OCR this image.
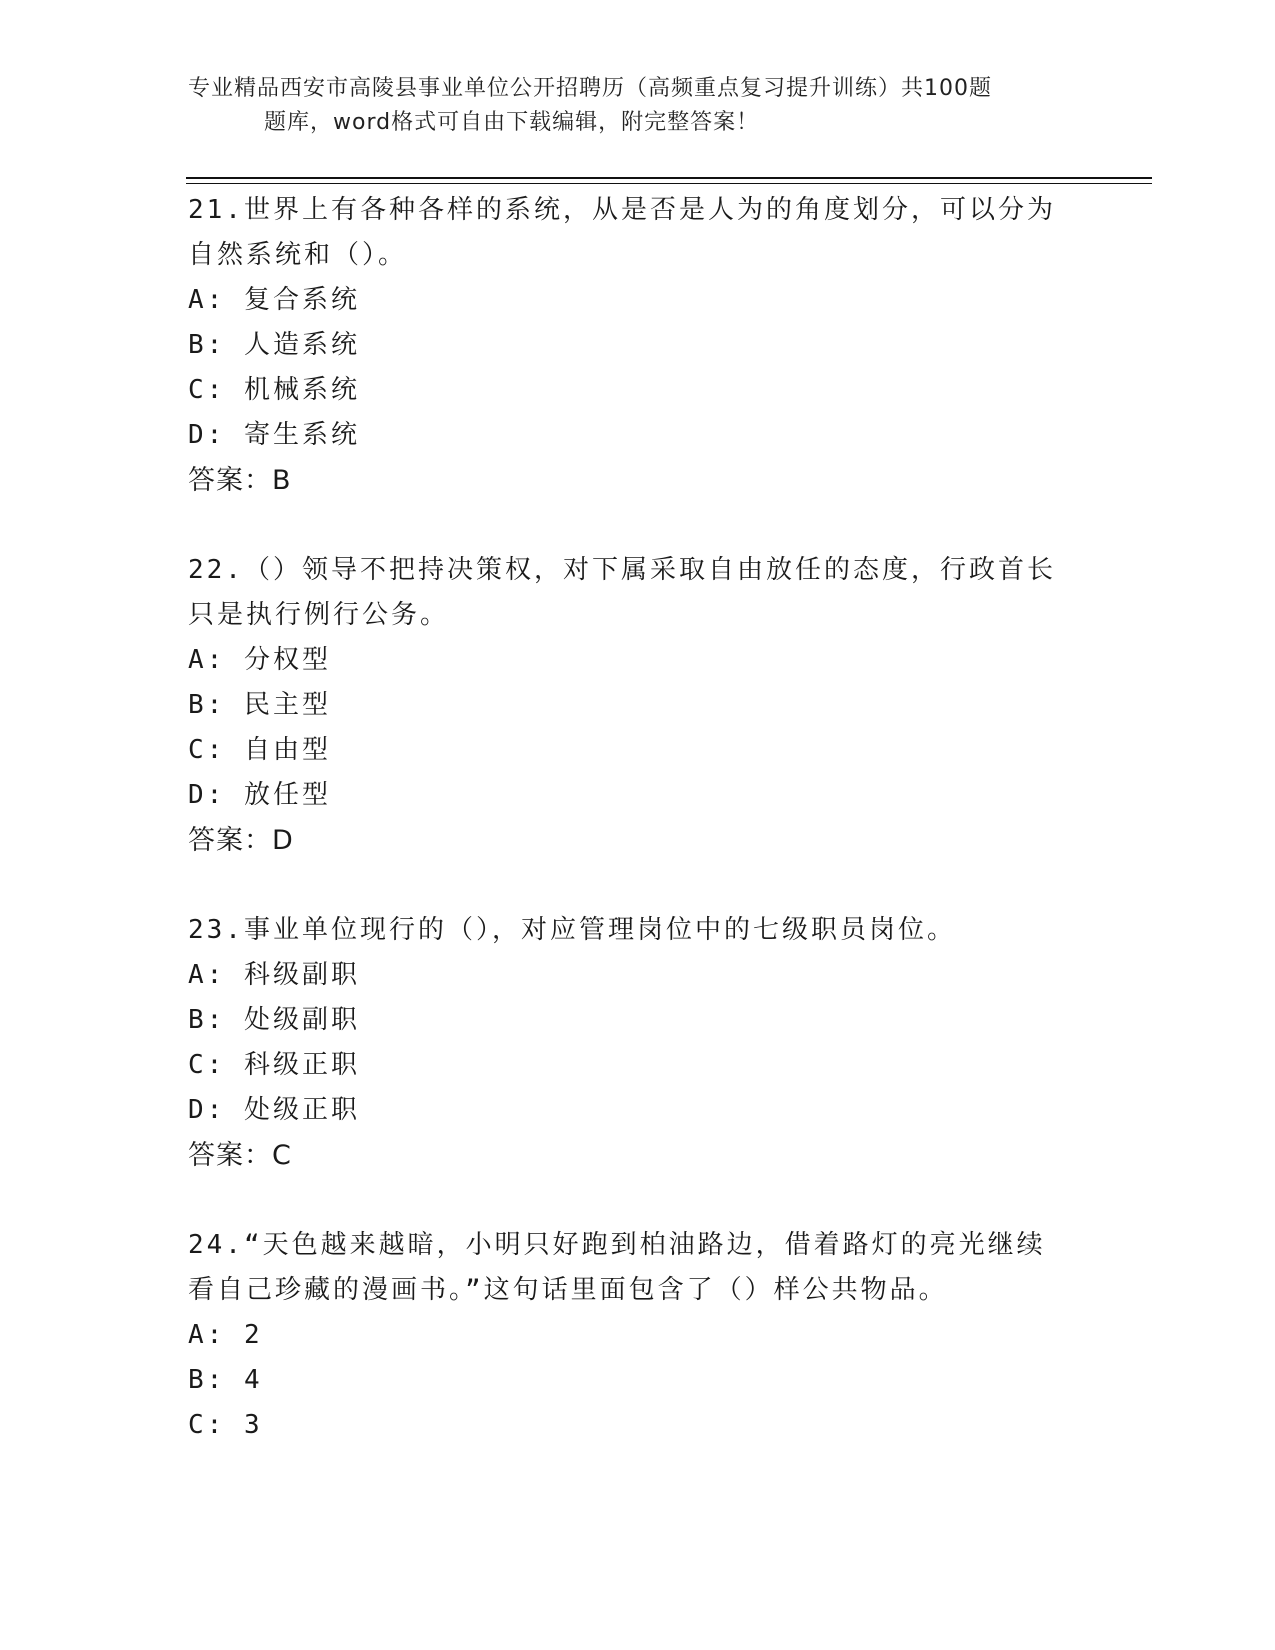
专业精品西安市高陵县事业单位公开招聘历（高频重点复习提升训练）共100题
题库，word格式可自由下载编辑，附完整答案！

21.世界上有各种各样的系统，从是否是人为的角度划分，可以分为自然系统和（）。

A: 复合系统

B: 人造系统

C: 机械系统

D: 寄生系统

答案：B

22.（）领导不把持决策权，对下属采取自由放任的态度，行政首长只是执行例行公务。

A: 分权型

B: 民主型

C: 自由型

D: 放任型

答案：D

23.事业单位现行的（），对应管理岗位中的七级职员岗位。

A: 科级副职

B: 处级副职

C: 科级正职

D: 处级正职

答案：C

24.“天色越来越暗，小明只好跑到柏油路边，借着路灯的亮光继续看自己珍藏的漫画书。”这句话里面包含了（）样公共物品。

A: 2

B: 4

C: 3
